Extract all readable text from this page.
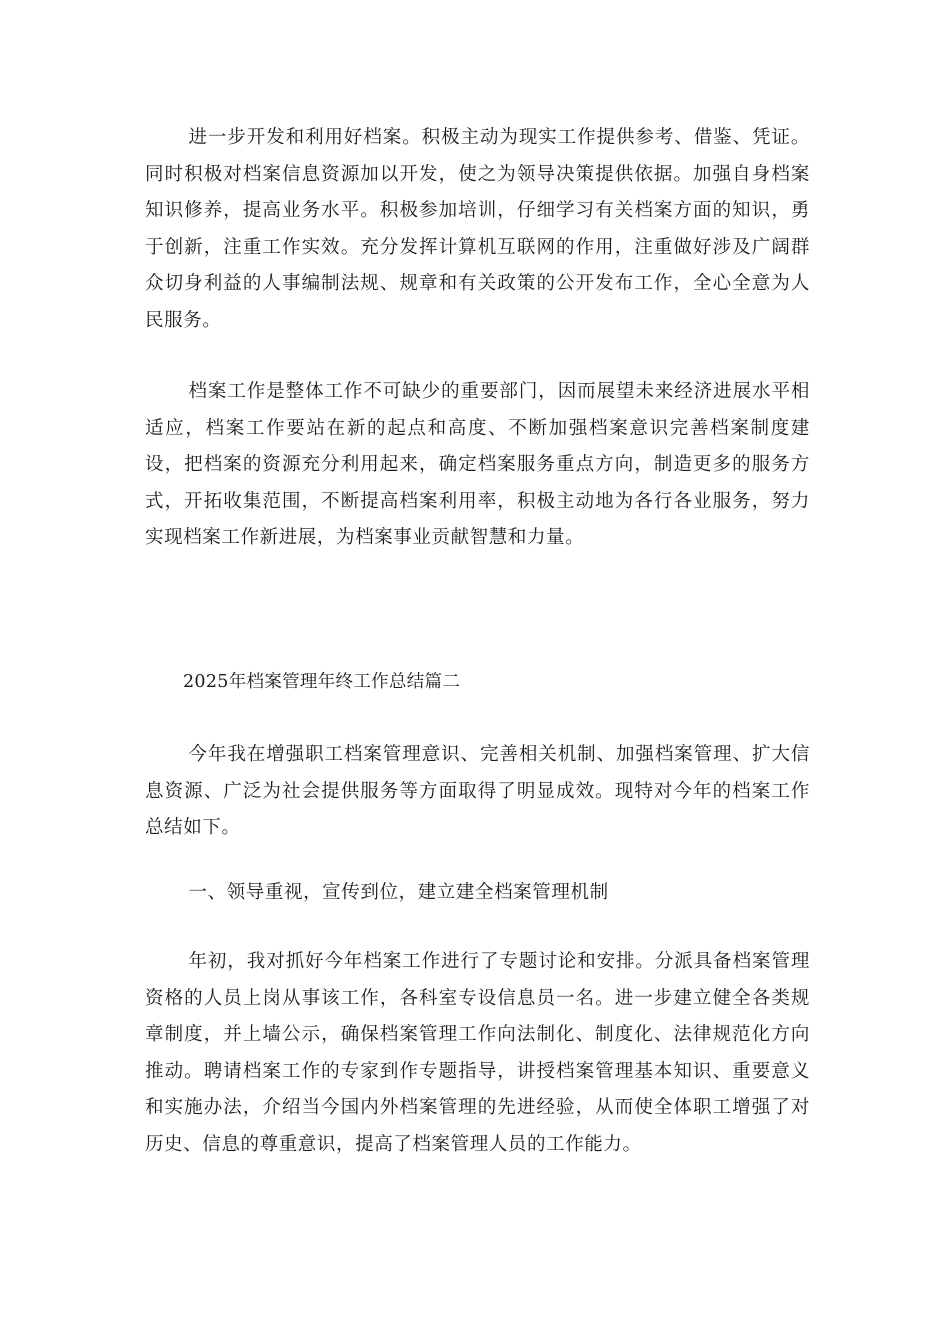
进一步开发和利用好档案。积极主动为现实工作提供参考、借鉴、凭证。同时积极对档案信息资源加以开发，使之为领导决策提供依据。加强自身档案知识修养，提高业务水平。积极参加培训，仔细学习有关档案方面的知识，勇于创新，注重工作实效。充分发挥计算机互联网的作用，注重做好涉及广阔群众切身利益的人事编制法规、规章和有关政策的公开发布工作，全心全意为人民服务。

档案工作是整体工作不可缺少的重要部门，因而展望未来经济进展水平相适应，档案工作要站在新的起点和高度、不断加强档案意识完善档案制度建设，把档案的资源充分利用起来，确定档案服务重点方向，制造更多的服务方式，开拓收集范围，不断提高档案利用率，积极主动地为各行各业服务，努力实现档案工作新进展，为档案事业贡献智慧和力量。

2025年档案管理年终工作总结篇二

今年我在增强职工档案管理意识、完善相关机制、加强档案管理、扩大信息资源、广泛为社会提供服务等方面取得了明显成效。现特对今年的档案工作总结如下。

一、领导重视，宣传到位，建立建全档案管理机制

年初，我对抓好今年档案工作进行了专题讨论和安排。分派具备档案管理资格的人员上岗从事该工作，各科室专设信息员一名。进一步建立健全各类规章制度，并上墙公示，确保档案管理工作向法制化、制度化、法律规范化方向推动。聘请档案工作的专家到作专题指导，讲授档案管理基本知识、重要意义和实施办法，介绍当今国内外档案管理的先进经验，从而使全体职工增强了对历史、信息的尊重意识，提高了档案管理人员的工作能力。
